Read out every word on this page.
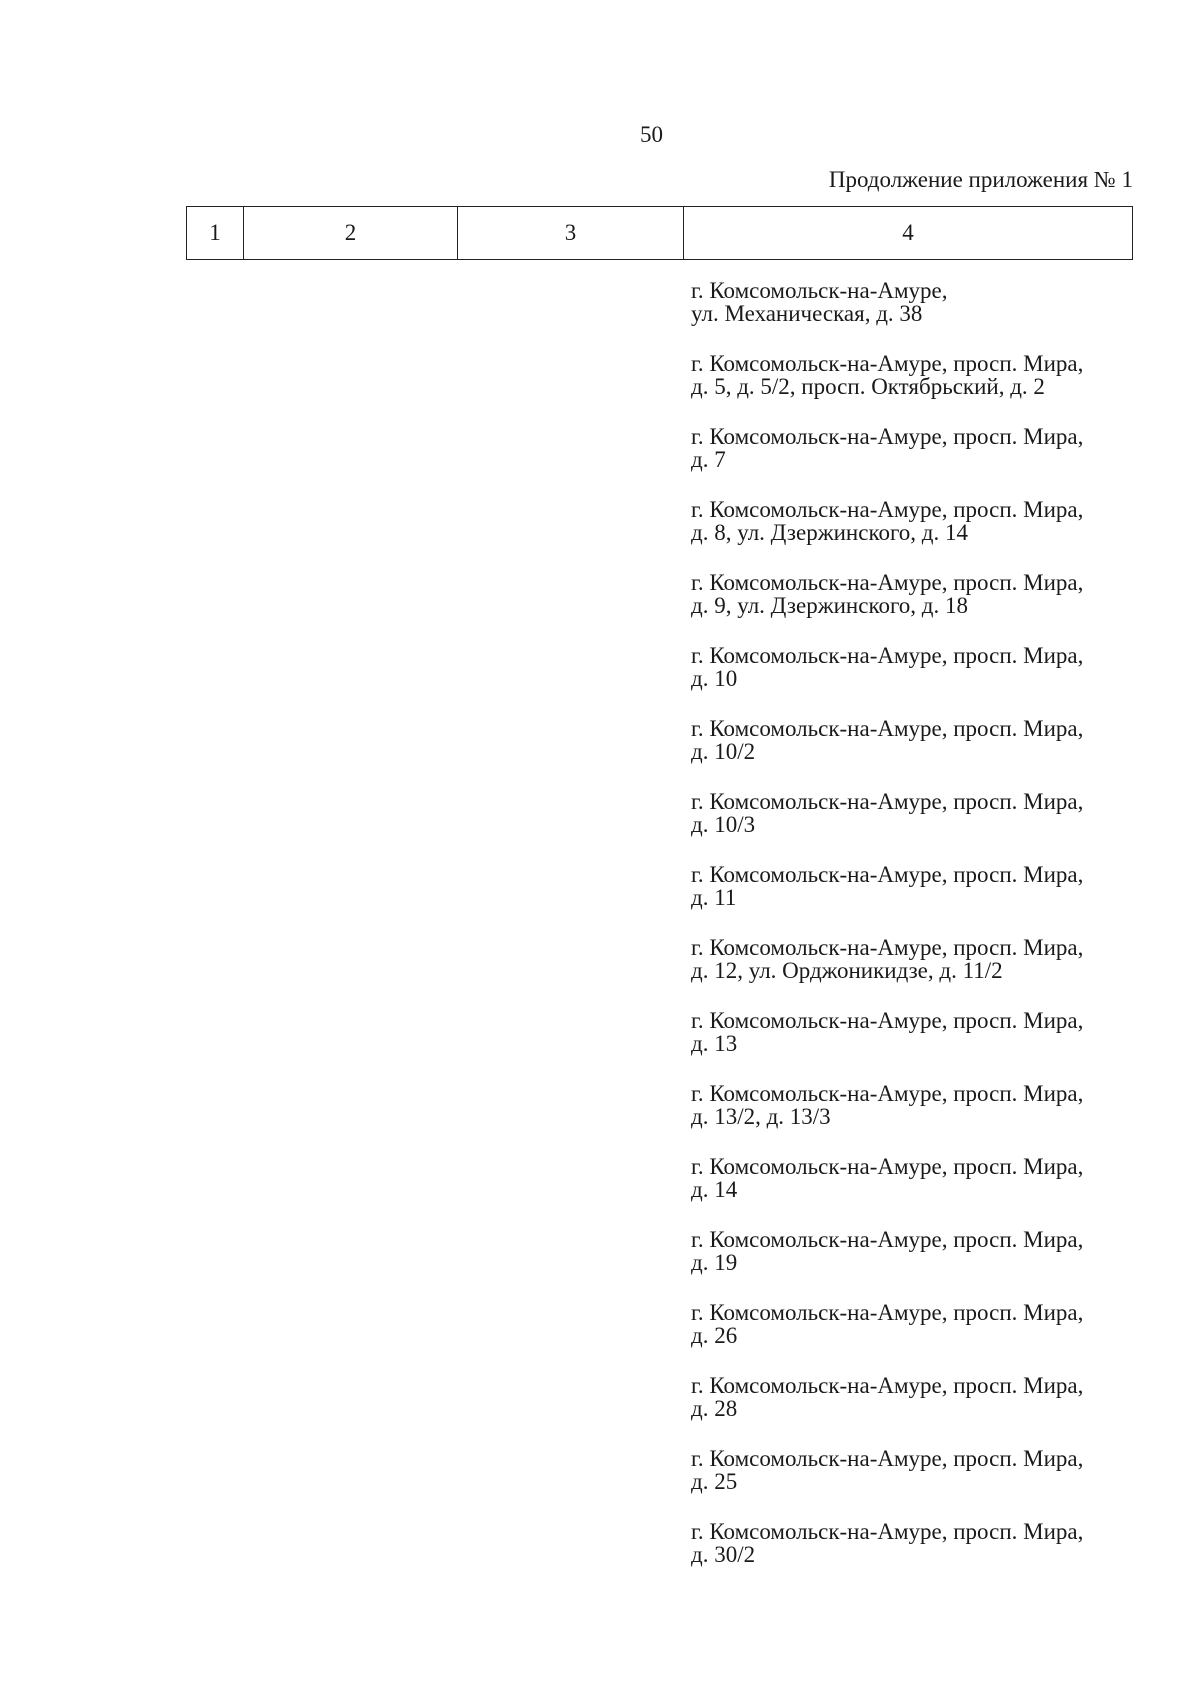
50
Продолжение приложения № 1
1	2	3	4
г. Комсомольск-на-Амуре,
ул. Механическая, д. 38
г. Комсомольск-на-Амуре, просп. Мира,
д. 5, д. 5/2, просп. Октябрьский, д. 2
г. Комсомольск-на-Амуре, просп. Мира,
д. 7
г. Комсомольск-на-Амуре, просп. Мира,
д. 8, ул. Дзержинского, д. 14
г. Комсомольск-на-Амуре, просп. Мира,
д. 9, ул. Дзержинского, д. 18
г. Комсомольск-на-Амуре, просп. Мира,
д. 10
г. Комсомольск-на-Амуре, просп. Мира,
д. 10/2
г. Комсомольск-на-Амуре, просп. Мира,
д. 10/3
г. Комсомольск-на-Амуре, просп. Мира,
д. 11
г. Комсомольск-на-Амуре, просп. Мира,
д. 12, ул. Орджоникидзе, д. 11/2
г. Комсомольск-на-Амуре, просп. Мира,
д. 13
г. Комсомольск-на-Амуре, просп. Мира,
д. 13/2, д. 13/3
г. Комсомольск-на-Амуре, просп. Мира,
д. 14
г. Комсомольск-на-Амуре, просп. Мира,
д. 19
г. Комсомольск-на-Амуре, просп. Мира,
д. 26
г. Комсомольск-на-Амуре, просп. Мира,
д. 28
г. Комсомольск-на-Амуре, просп. Мира,
д. 25
г. Комсомольск-на-Амуре, просп. Мира,
д. 30/2
